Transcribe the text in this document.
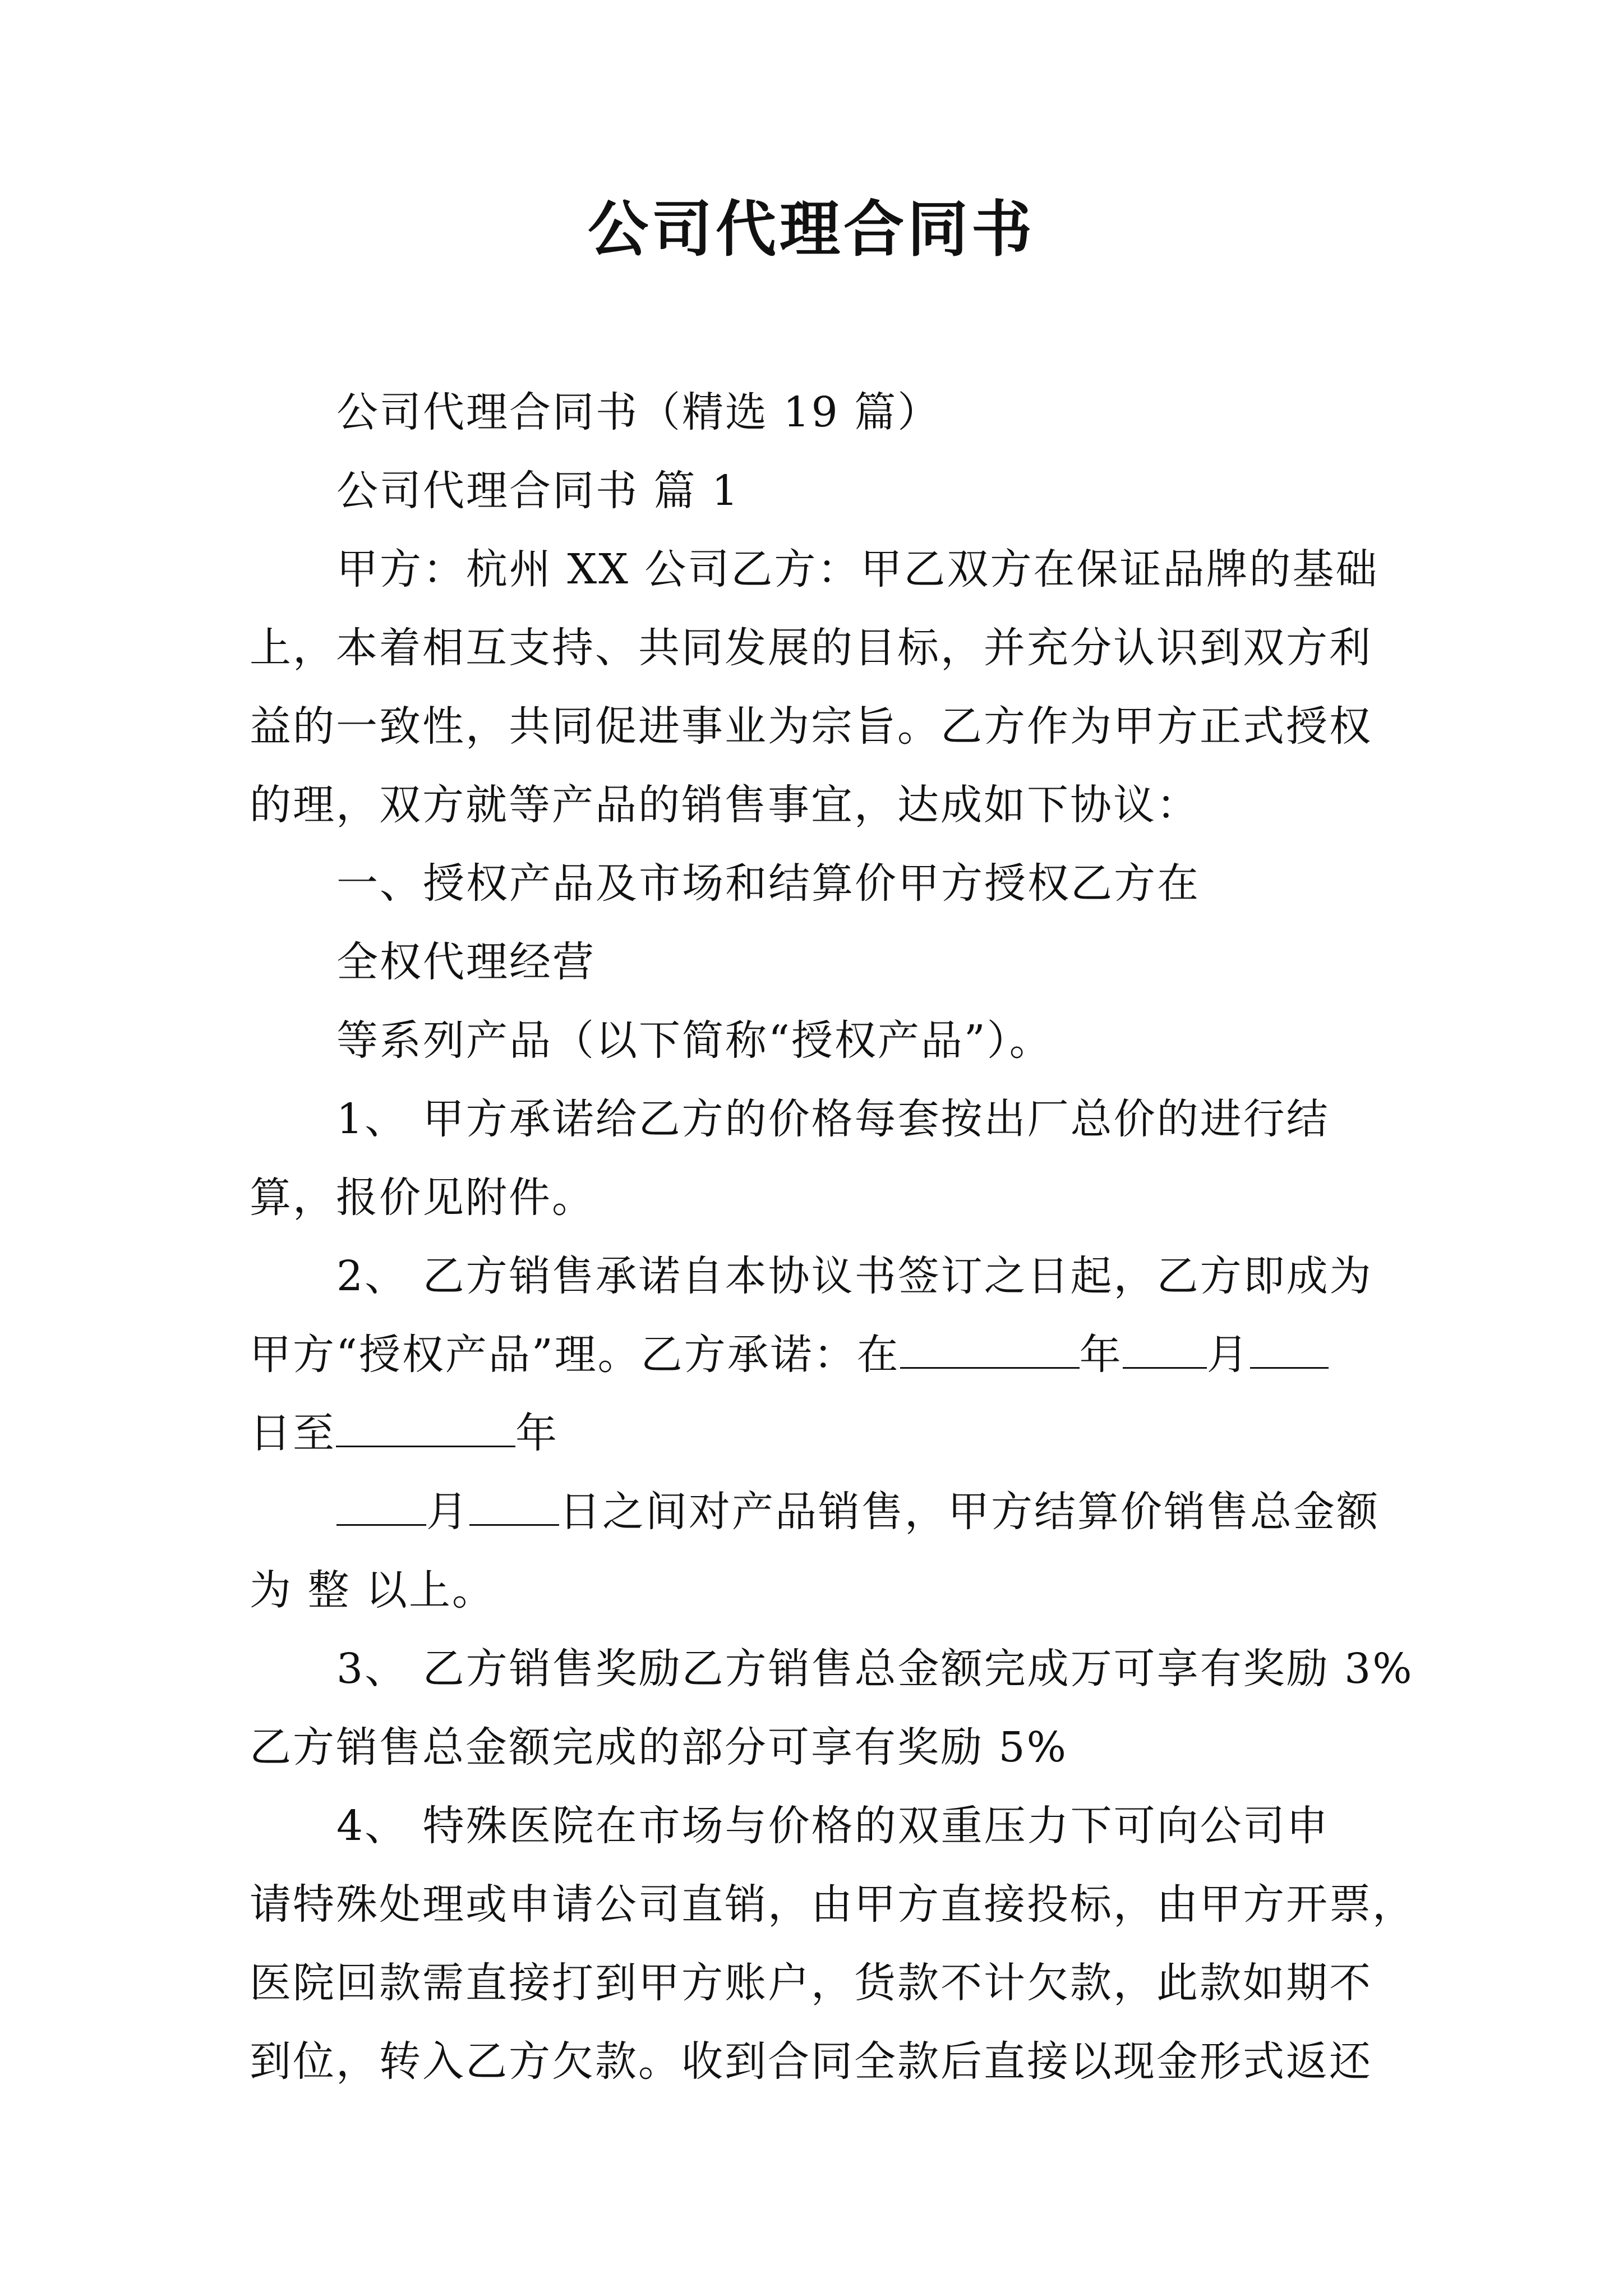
公司代理合同书
公司代理合同书（精选 19 篇）
公司代理合同书 篇 1
甲方：杭州 XX 公司乙方：甲乙双方在保证品牌的基础
上，本着相互支持、共同发展的目标，并充分认识到双方利
益的一致性，共同促进事业为宗旨。乙方作为甲方正式授权
的理，双方就等产品的销售事宜，达成如下协议：
一、授权产品及市场和结算价甲方授权乙方在
全权代理经营
等系列产品（以下简称“授权产品”）。
1、 甲方承诺给乙方的价格每套按出厂总价的进行结
算，报价见附件。
2、 乙方销售承诺自本协议书签订之日起，乙方即成为
甲方“授权产品”理。乙方承诺：在	年 月
日至	年
月 日之间对产品销售，甲方结算价销售总金额
为 整 以上。
3、 乙方销售奖励乙方销售总金额完成万可享有奖励 3%
乙方销售总金额完成的部分可享有奖励 5%
4、 特殊医院在市场与价格的双重压力下可向公司申
请特殊处理或申请公司直销，由甲方直接投标，由甲方开票，
医院回款需直接打到甲方账户，货款不计欠款，此款如期不
到位，转入乙方欠款。收到合同全款后直接以现金形式返还
